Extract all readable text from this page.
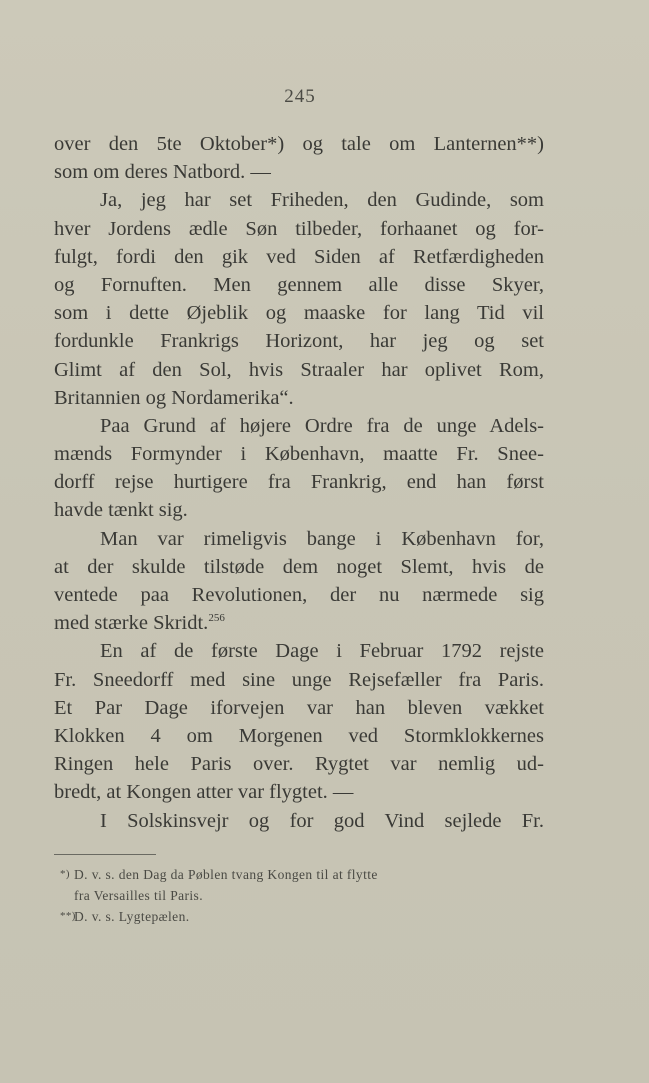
245
over den 5te Oktober*) og tale om Lanternen**)
som om deres Natbord. —
Ja, jeg har set Friheden, den Gudinde, som
hver Jordens ædle Søn tilbeder, forhaanet og for-
fulgt, fordi den gik ved Siden af Retfærdigheden
og Fornuften. Men gennem alle disse Skyer,
som i dette Øjeblik og maaske for lang Tid vil
fordunkle Frankrigs Horizont, har jeg og set
Glimt af den Sol, hvis Straaler har oplivet Rom,
Britannien og Nordamerika“.
Paa Grund af højere Ordre fra de unge Adels-
mænds Formynder i København, maatte Fr. Snee-
dorff rejse hurtigere fra Frankrig, end han først
havde tænkt sig.
Man var rimeligvis bange i København for,
at der skulde tilstøde dem noget Slemt, hvis de
ventede paa Revolutionen, der nu nærmede sig
med stærke Skridt.$^{256}$
En af de første Dage i Februar 1792 rejste
Fr. Sneedorff med sine unge Rejsefæller fra Paris.
Et Par Dage iforvejen var han bleven vækket
Klokken 4 om Morgenen ved Stormklokkernes
Ringen hele Paris over. Rygtet var nemlig ud-
bredt, at Kongen atter var flygtet. —
I Solskinsvejr og for god Vind sejlede Fr.
*) D. v. s. den Dag da Pøblen tvang Kongen til at flytte
fra Versailles til Paris.
**)D. v. s. Lygtepælen.
